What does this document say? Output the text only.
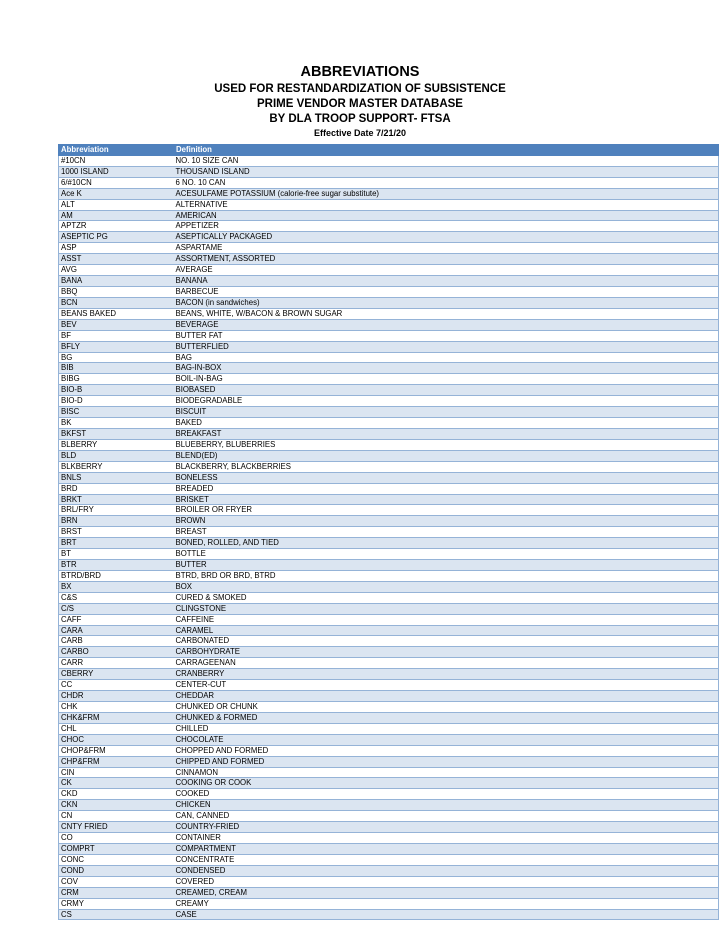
ABBREVIATIONS
USED FOR RESTANDARDIZATION OF SUBSISTENCE
PRIME VENDOR MASTER DATABASE
BY DLA TROOP SUPPORT- FTSA
Effective Date 7/21/20
Abbreviation	Definition
#10CN	NO. 10 SIZE CAN
1000 ISLAND	THOUSAND ISLAND
6/#10CN	6 NO. 10 CAN
Ace K	ACESULFAME POTASSIUM (calorie-free sugar substitute)
ALT	ALTERNATIVE
AM	AMERICAN
APTZR	APPETIZER
ASEPTIC PG	ASEPTICALLY PACKAGED
ASP	ASPARTAME
ASST	ASSORTMENT, ASSORTED
AVG	AVERAGE
BANA	BANANA
BBQ	BARBECUE
BCN	BACON (in sandwiches)
BEANS BAKED	BEANS, WHITE, W/BACON & BROWN SUGAR
BEV	BEVERAGE
BF	BUTTER FAT
BFLY	BUTTERFLIED
BG	BAG
BIB	BAG-IN-BOX
BIBG	BOIL-IN-BAG
BIO-B	BIOBASED
BIO-D	BIODEGRADABLE
BISC	BISCUIT
BK	BAKED
BKFST	BREAKFAST
BLBERRY	BLUEBERRY, BLUBERRIES
BLD	BLEND(ED)
BLKBERRY	BLACKBERRY, BLACKBERRIES
BNLS	BONELESS
BRD	BREADED
BRKT	BRISKET
BRL/FRY	BROILER OR FRYER
BRN	BROWN
BRST	BREAST
BRT	BONED, ROLLED, AND TIED
BT	BOTTLE
BTR	BUTTER
BTRD/BRD	BTRD, BRD OR BRD, BTRD
BX	BOX
C&S	CURED & SMOKED
C/S	CLINGSTONE
CAFF	CAFFEINE
CARA	CARAMEL
CARB	CARBONATED
CARBO	CARBOHYDRATE
CARR	CARRAGEENAN
CBERRY	CRANBERRY
CC	CENTER-CUT
CHDR	CHEDDAR
CHK	CHUNKED OR CHUNK
CHK&FRM	CHUNKED & FORMED
CHL	CHILLED
CHOC	CHOCOLATE
CHOP&FRM	CHOPPED AND FORMED
CHP&FRM	CHIPPED AND FORMED
CIN	CINNAMON
CK	COOKING OR COOK
CKD	COOKED
CKN	CHICKEN
CN	CAN, CANNED
CNTY FRIED	COUNTRY-FRIED
CO	CONTAINER
COMPRT	COMPARTMENT
CONC	CONCENTRATE
COND	CONDENSED
COV	COVERED
CRM	CREAMED, CREAM
CRMY	CREAMY
CS	CASE
